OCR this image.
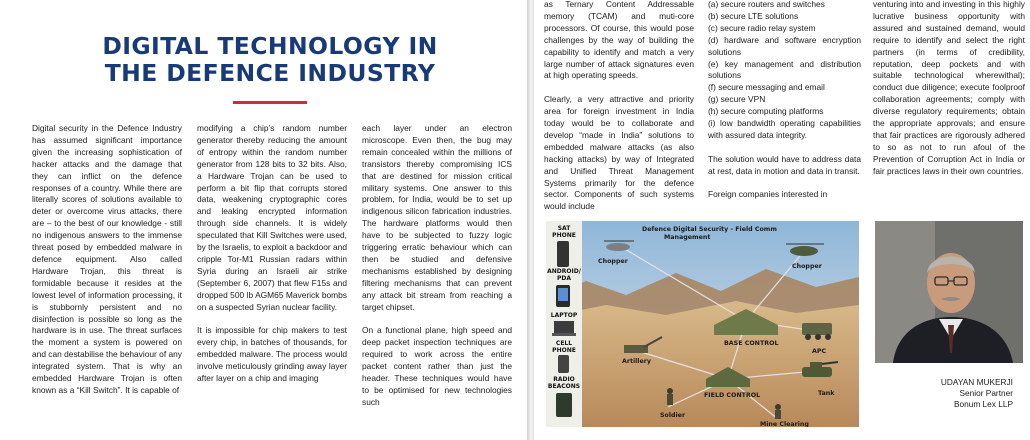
DIGITAL TECHNOLOGY IN
THE DEFENCE INDUSTRY

Digital security in the Defence Industry has assumed significant importance given the increasing sophistication of hacker attacks and the damage that they can inflict on the defence responses of a country. While there are literally scores of solutions available to deter or overcome virus attacks, there are – to the best of our knowledge - still no indigenous answers to the immense threat posed by embedded malware in defence equipment. Also called Hardware Trojan, this threat is formidable because it resides at the lowest level of information processing, it is stubbornly persistent and no disinfection is possible so long as the hardware is in use. The threat surfaces the moment a system is powered on and can destabilise the behaviour of any integrated system. That is why an embedded Hardware Trojan is often known as a “Kill Switch”. It is capable of

modifying a chip’s random number generator thereby reducing the amount of entropy within the random number generator from 128 bits to 32 bits. Also, a Hardware Trojan can be used to perform a bit flip that corrupts stored data, weakening cryptographic cores and leaking encrypted information through side channels. It is widely speculated that Kill Switches were used, by the Israelis, to exploit a backdoor and cripple Tor-M1 Russian radars within Syria during an Israeli air strike (September 6, 2007) that flew F15s and dropped 500 lb AGM65 Maverick bombs on a suspected Syrian nuclear facility.

It is impossible for chip makers to test every chip, in batches of thousands, for embedded malware. The process would involve meticulously grinding away layer after layer on a chip and imaging

each layer under an electron microscope. Even then, the bug may remain concealed within the millions of transistors thereby compromising ICS that are destined for mission critical military systems. One answer to this problem, for India, would be to set up indigenous silicon fabrication industries. The hardware platforms would then have to be subjected to fuzzy logic triggering erratic behaviour which can then be studied and defensive mechanisms established by designing filtering mechanisms that can prevent any attack bit stream from reaching a target chipset.

On a functional plane, high speed and deep packet inspection techniques are required to work across the entire packet content rather than just the header. These techniques would have to be optimised for new technologies such

as Ternary Content Addressable memory (TCAM) and muti-core processors. Of course, this would pose challenges by the way of building the capability to identify and match a very large number of attack signatures even at high operating speeds.

Clearly, a very attractive and priority area for foreign investment in India today would be to collaborate and develop “made in India” solutions to embedded malware attacks (as also hacking attacks) by way of Integrated and Unified Threat Management Systems primarily for the defence sector. Components of such systems would include

(a) secure routers and switches
(b) secure LTE solutions
(c) secure radio relay system
(d) hardware and software encryption solutions
(e) key management and distribution solutions
(f) secure messaging and email
(g) secure VPN
(h) secure computing platforms
(i) low bandwidth operating capabilities with assured data integrity.

The solution would have to address data at rest, data in motion and data in transit.

Foreign companies interested in

venturing into and investing in this highly lucrative business opportunity with assured and sustained demand, would require to identify and select the right partners (in terms of credibility, reputation, deep pockets and with suitable technological wherewithal); conduct due diligence; execute foolproof collaboration agreements; comply with diverse regulatory requirements; obtain the appropriate approvals; and ensure that fair practices are rigorously adhered to so as not to run afoul of the Prevention of Corruption Act in India or fair practices laws in their own countries.

SAT PHONE
ANDROID/ PDA
LAPTOP
CELL PHONE
RADIO BEACONS
Defence Digital Security - Field Comm Management
Chopper
Chopper
BASE CONTROL
APC
Artillery
FIELD CONTROL	Tank
Soldier
Mine Clearing
UDAYAN MUKERJI
Senior Partner
Bonum Lex LLP
